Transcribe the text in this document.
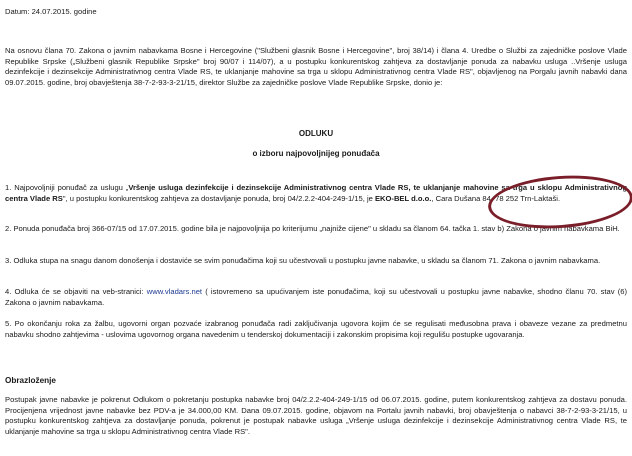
Datum: 24.07.2015. godine

Na osnovu člana 70. Zakona o javnim nabavkama Bosne i Hercegovine ("Službeni glasnik Bosne i Hercegovine", broj 38/14) i člana 4. Uredbe o Službi za zajedničke poslove Vlade Republike Srpske („Službeni glasnik Republike Srpske" broj 90/07 i 114/07), a u postupku konkurentskog zahtjeva za dostavljanje ponuda za nabavku usluga ..Vršenje usluga dezinfekcije i dezinsekcije Administrativnog centra Vlade RS, te uklanjanje mahovine sa trga u sklopu Administrativnog centra Vlade RS", objavljenog na Porgalu javnih nabavki dana 09.07.2015. godine, broj obavještenja 38-7-2-93-3-21/15, direktor Službe za zajedničke poslove Vlade Republike Srpske, donio je:

ODLUKU
o izboru najpovoljnijeg ponuđača

1. Najpovoljniji ponuđač za uslugu „Vršenje usluga dezinfekcije i dezinsekcije Administrativnog centra Vlade RS, te uklanjanje mahovine sa trga u sklopu Administrativnog centra Vlade RS", u postupku konkurentskog zahtjeva za dostavljanje ponuda, broj 04/2.2.2-404-249-1/15, je EKO-BEL d.o.o., Cara Dušana 84, 78 252 Trn-Laktaši.

2. Ponuda ponuđača broj 366-07/15 od 17.07.2015. godine bila je najpovoljnija po kriterijumu „najniže cijene" u skladu sa članom 64. tačka 1. stav b) Zakona o javnim nabavkama BiH.

3. Odluka stupa na snagu danom donošenja i dostaviće se svim ponuđačima koji su učestvovali u postupku javne nabavke, u skladu sa članom 71. Zakona o javnim nabavkama.

4. Odluka će se objaviti na veb-stranici: www.vladars.net ( istovremeno sa upućivanjem iste ponuđačima, koji su učestvovali u postupku javne nabavke, shodno članu 70. stav (6) Zakona o javnim nabavkama.

5. Po okončanju roka za žalbu, ugovorni organ pozvaće izabranog ponuđača radi zaključivanja ugovora kojim će se regulisati međusobna prava i obaveze vezane za predmetnu nabavku shodno zahtjevima - uslovima ugovornog organa navedenim u tenderskoj dokumentaciji i zakonskim propisima koji regulišu postupke ugovaranja.

Obrazloženje

Postupak javne nabavke je pokrenut Odlukom o pokretanju postupka nabavke broj 04/2.2.2-404-249-1/15 od 06.07.2015. godine, putem konkurentskog zahtjeva za dostavu ponuda. Procijenjena vrijednost javne nabavke bez PDV-a je 34.000,00 KM. Dana 09.07.2015. godine, objavom na Portalu javnih nabavki, broj obavještenja o nabavci 38-7-2-93-3-21/15, u postupku konkurentskog zahtjeva za dostavljanje ponuda, pokrenut je postupak nabavke usluga „Vršenje usluga dezinfekcije i dezinsekcije Administrativnog centra Vlade RS, te uklanjanje mahovine sa trga u sklopu Administrativnog centra Vlade RS".
